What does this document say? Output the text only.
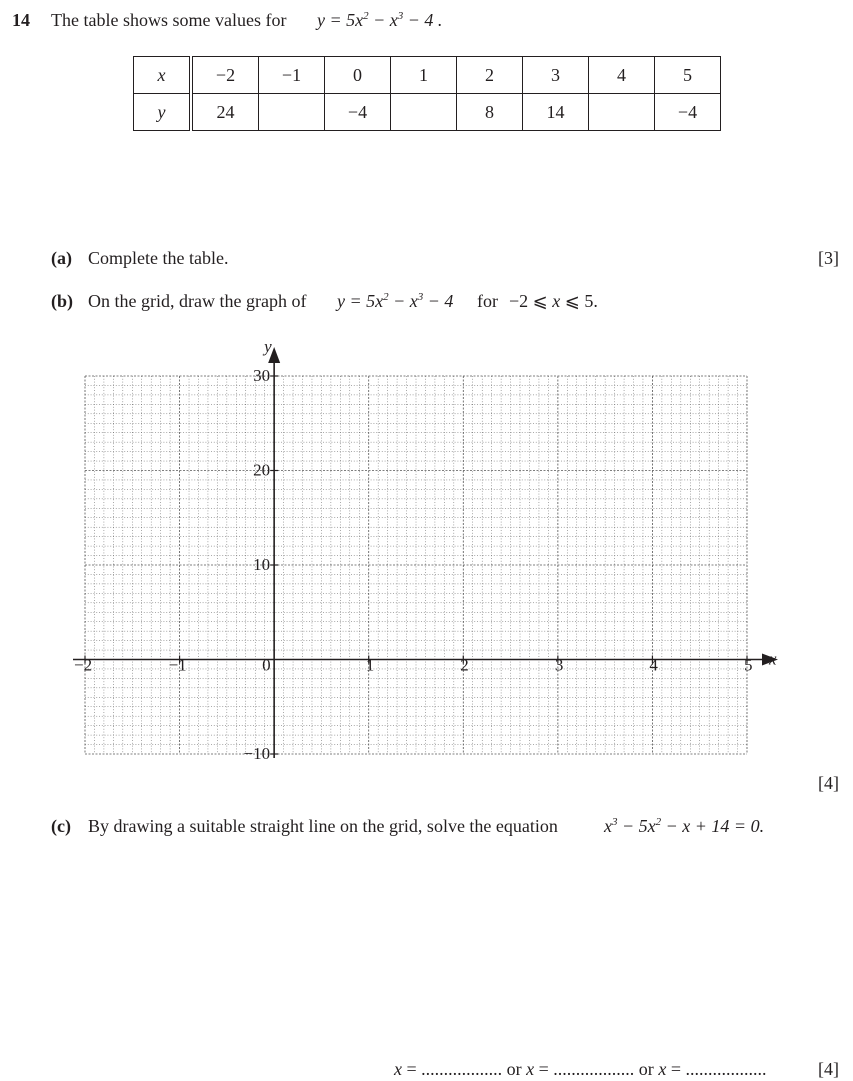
14 The table shows some values for $y = 5x^2 - x^3 - 4$ .
x	−2	−1	0	1	2	3	4	5
y	24		−4		8	14		−4
(a) Complete the table.	[3]
(b) On the grid, draw the graph of $y = 5x^2 - x^3 - 4$ for −2 ⩽ x ⩽ 5.
x
y
−2	−1	1	2	3	4	5
0
−10
10
20
30
[4]
(c) By drawing a suitable straight line on the grid, solve the equation	$x^3 - 5x^2 - x + 14 = 0$.
x = .................. or x = .................. or x = ..................	[4]
